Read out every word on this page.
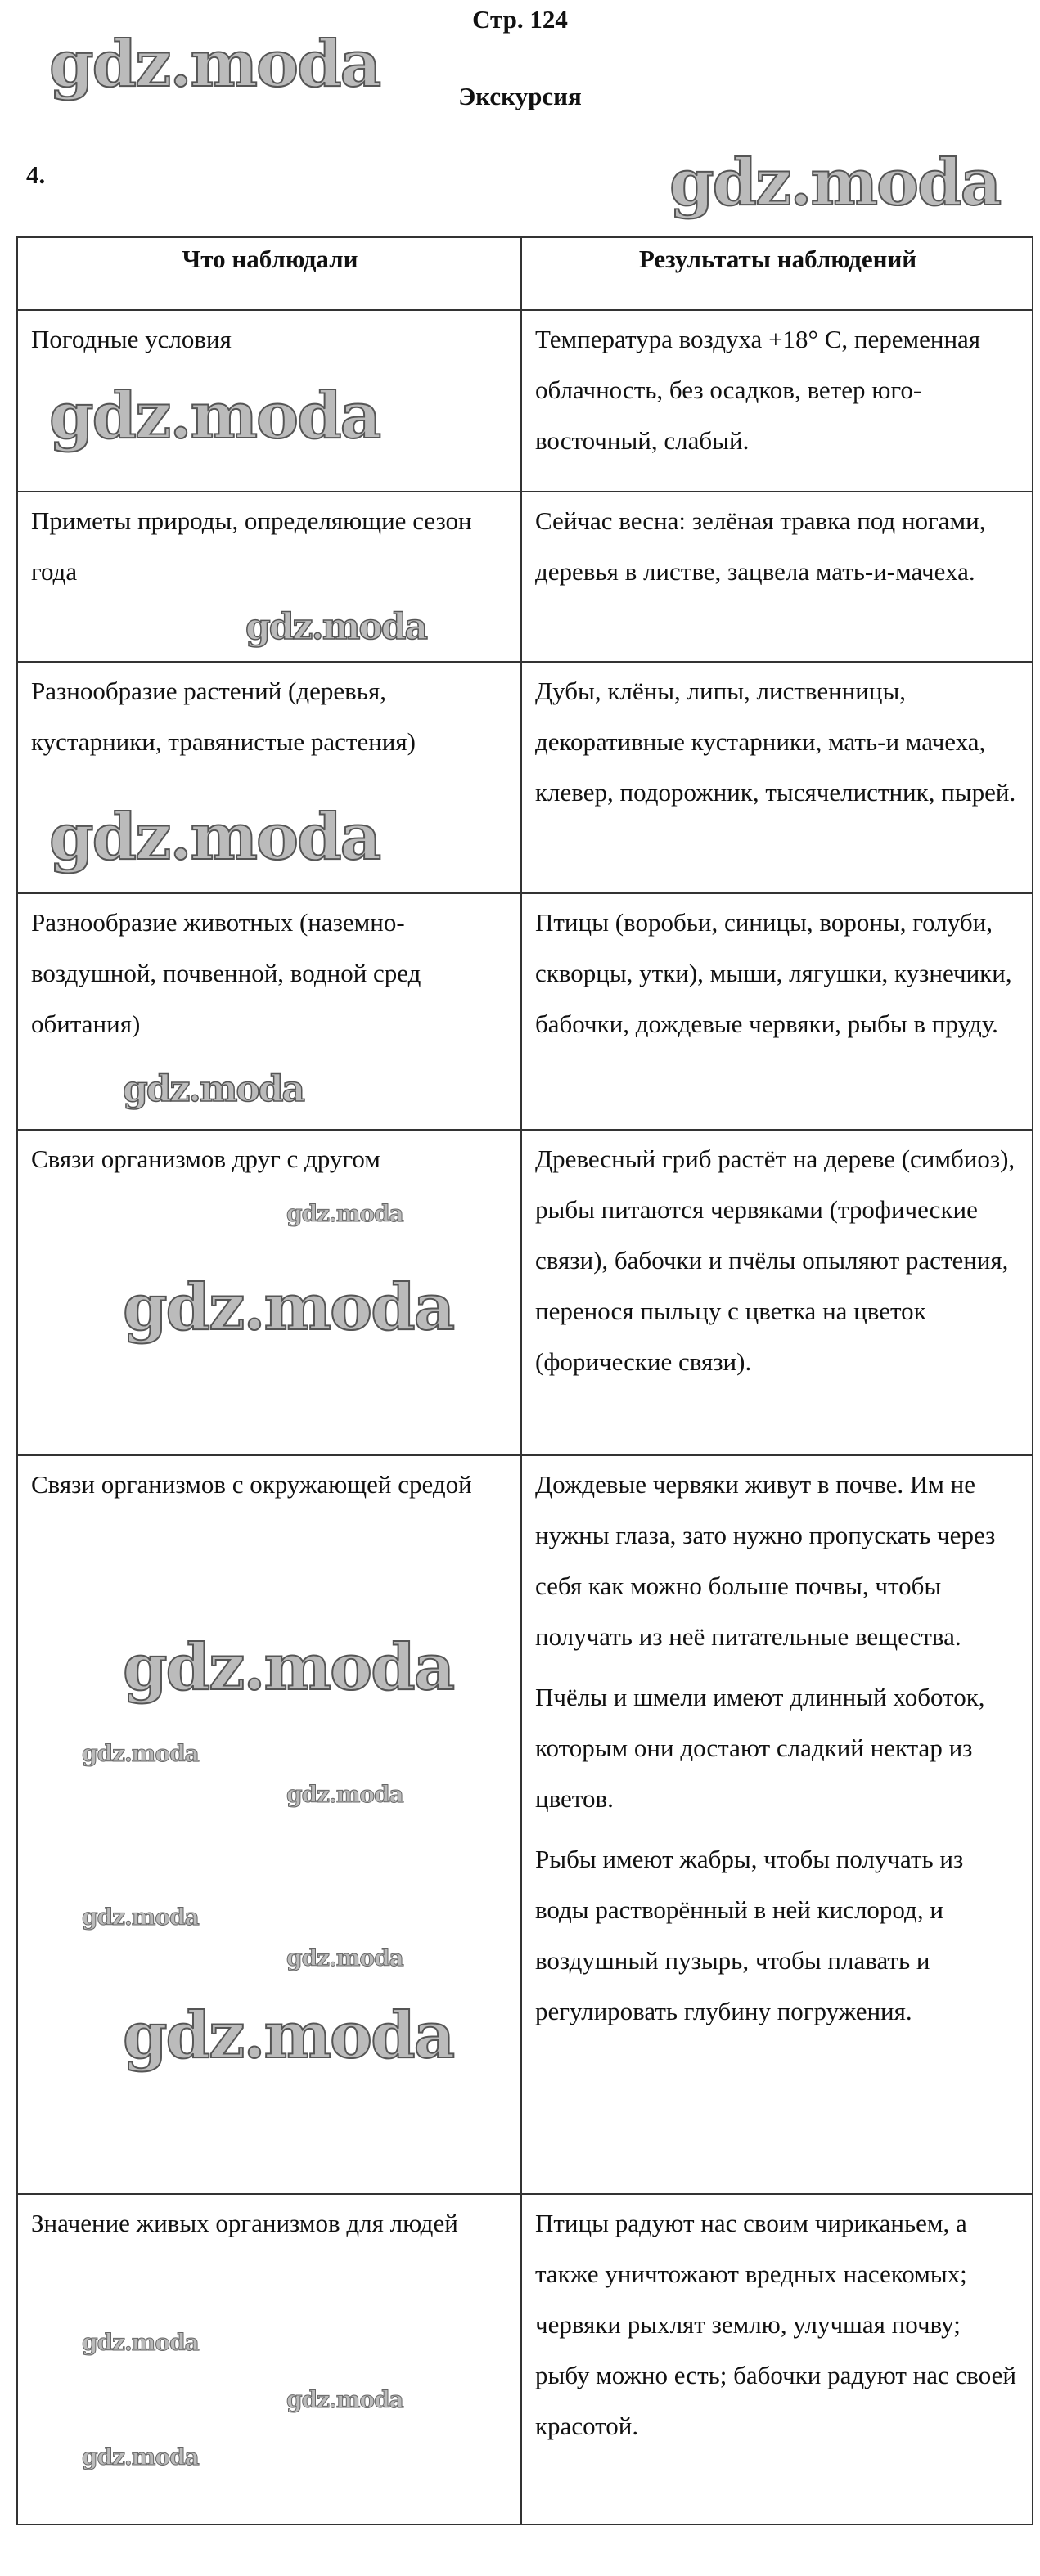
Стр. 124
Экскурсия
4.
Что наблюдали	Результаты наблюдений
Погодные условия	Температура воздуха +18° С, переменная облачность, без осадков, ветер юго-восточный, слабый.

Приметы природы, определяющие сезон года	Сейчас весна: зелёная травка под ногами, деревья в листве, зацвела мать-и-мачеха.

Разнообразие растений (деревья, кустарники, травянистые растения)	Дубы, клёны, липы, лиственницы, декоративные кустарники, мать-и мачеха, клевер, подорожник, тысячелистник, пырей.

Разнообразие животных (наземно-воздушной, почвенной, водной сред обитания)	Птицы (воробьи, синицы, вороны, голуби, скворцы, утки), мыши, лягушки, кузнечики, бабочки, дождевые червяки, рыбы в пруду.

Связи организмов друг с другом	Древесный гриб растёт на дереве (симбиоз), рыбы питаются червяками (трофические связи), бабочки и пчёлы опыляют растения, перенося пыльцу с цветка на цветок (форические связи).

Связи организмов с окружающей средой	Дождевые червяки живут в почве. Им не нужны глаза, зато нужно пропускать через себя как можно больше почвы, чтобы получать из неё питательные вещества.
Пчёлы и шмели имеют длинный хоботок, которым они достают сладкий нектар из цветов.
Рыбы имеют жабры, чтобы получать из воды растворённый в ней кислород, и воздушный пузырь, чтобы плавать и регулировать глубину погружения.

Значение живых организмов для людей	Птицы радуют нас своим чириканьем, а также уничтожают вредных насекомых; червяки рыхлят землю, улучшая почву; рыбу можно есть; бабочки радуют нас своей красотой.
gdz.moda
gdz.moda
gdz.moda
gdz.moda
gdz.moda
gdz.moda
gdz.moda
gdz.moda
gdz.moda
gdz.moda
gdz.moda
gdz.moda
gdz.moda
gdz.moda
gdz.moda
gdz.moda
gdz.moda
